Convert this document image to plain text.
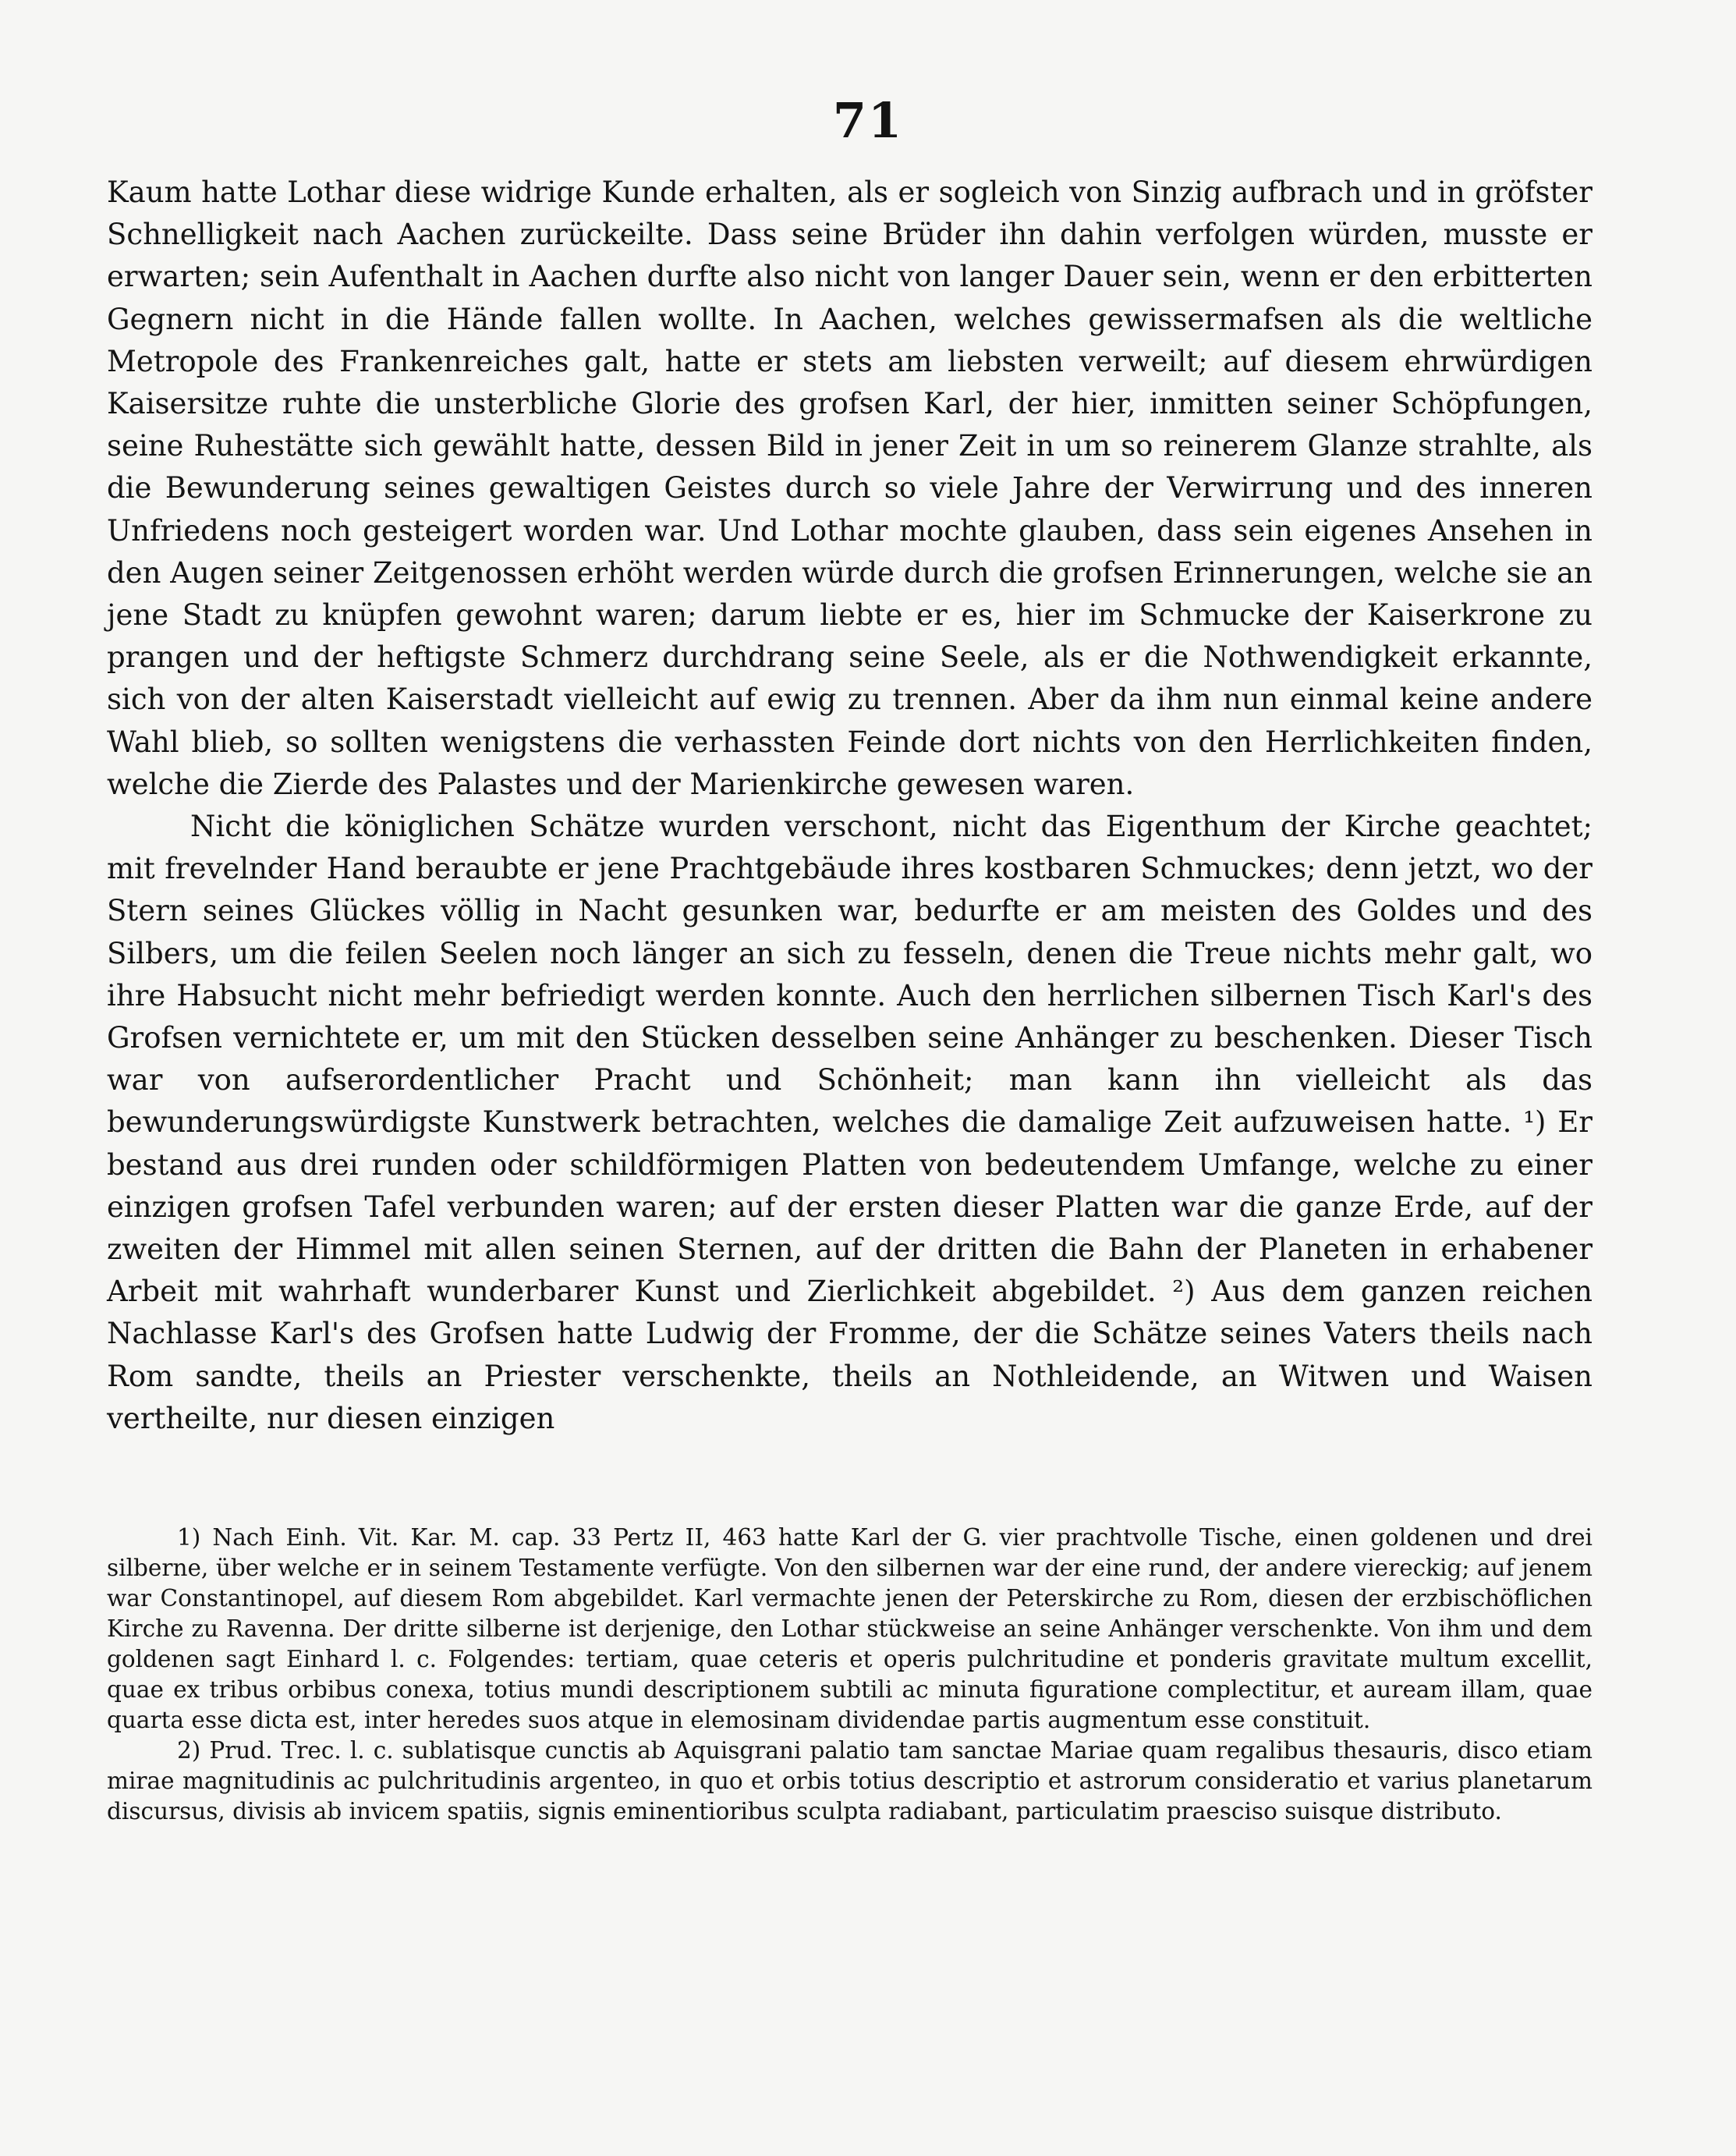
71

Kaum hatte Lothar diese widrige Kunde erhalten, als er sogleich von Sinzig aufbrach und in gröfster Schnelligkeit nach Aachen zurückeilte. Dass seine Brüder ihn dahin verfolgen würden, musste er erwarten; sein Aufenthalt in Aachen durfte also nicht von langer Dauer sein, wenn er den erbitterten Gegnern nicht in die Hände fallen wollte. In Aachen, welches gewissermafsen als die weltliche Metropole des Frankenreiches galt, hatte er stets am liebsten verweilt; auf diesem ehrwürdigen Kaisersitze ruhte die unsterbliche Glorie des grofsen Karl, der hier, inmitten seiner Schöpfungen, seine Ruhestätte sich gewählt hatte, dessen Bild in jener Zeit in um so reinerem Glanze strahlte, als die Bewunderung seines gewaltigen Geistes durch so viele Jahre der Verwirrung und des inneren Unfriedens noch gesteigert worden war. Und Lothar mochte glauben, dass sein eigenes Ansehen in den Augen seiner Zeitgenossen erhöht werden würde durch die grofsen Erinnerungen, welche sie an jene Stadt zu knüpfen gewohnt waren; darum liebte er es, hier im Schmucke der Kaiserkrone zu prangen und der heftigste Schmerz durchdrang seine Seele, als er die Nothwendigkeit erkannte, sich von der alten Kaiserstadt vielleicht auf ewig zu trennen. Aber da ihm nun einmal keine andere Wahl blieb, so sollten wenigstens die verhassten Feinde dort nichts von den Herrlichkeiten finden, welche die Zierde des Palastes und der Marienkirche gewesen waren.

Nicht die königlichen Schätze wurden verschont, nicht das Eigenthum der Kirche geachtet; mit frevelnder Hand beraubte er jene Prachtgebäude ihres kostbaren Schmuckes; denn jetzt, wo der Stern seines Glückes völlig in Nacht gesunken war, bedurfte er am meisten des Goldes und des Silbers, um die feilen Seelen noch länger an sich zu fesseln, denen die Treue nichts mehr galt, wo ihre Habsucht nicht mehr befriedigt werden konnte. Auch den herrlichen silbernen Tisch Karl's des Grofsen vernichtete er, um mit den Stücken desselben seine Anhänger zu beschenken. Dieser Tisch war von aufserordentlicher Pracht und Schönheit; man kann ihn vielleicht als das bewunderungswürdigste Kunstwerk betrachten, welches die damalige Zeit aufzuweisen hatte. ¹) Er bestand aus drei runden oder schildförmigen Platten von bedeutendem Umfange, welche zu einer einzigen grofsen Tafel verbunden waren; auf der ersten dieser Platten war die ganze Erde, auf der zweiten der Himmel mit allen seinen Sternen, auf der dritten die Bahn der Planeten in erhabener Arbeit mit wahrhaft wunderbarer Kunst und Zierlichkeit abgebildet. ²) Aus dem ganzen reichen Nachlasse Karl's des Grofsen hatte Ludwig der Fromme, der die Schätze seines Vaters theils nach Rom sandte, theils an Priester verschenkte, theils an Nothleidende, an Witwen und Waisen vertheilte, nur diesen einzigen

1) Nach Einh. Vit. Kar. M. cap. 33 Pertz II, 463 hatte Karl der G. vier prachtvolle Tische, einen goldenen und drei silberne, über welche er in seinem Testamente verfügte. Von den silbernen war der eine rund, der andere viereckig; auf jenem war Constantinopel, auf diesem Rom abgebildet. Karl vermachte jenen der Peterskirche zu Rom, diesen der erzbischöflichen Kirche zu Ravenna. Der dritte silberne ist derjenige, den Lothar stückweise an seine Anhänger verschenkte. Von ihm und dem goldenen sagt Einhard l. c. Folgendes: tertiam, quae ceteris et operis pulchritudine et ponderis gravitate multum excellit, quae ex tribus orbibus conexa, totius mundi descriptionem subtili ac minuta figuratione complectitur, et auream illam, quae quarta esse dicta est, inter heredes suos atque in elemosinam dividendae partis augmentum esse constituit.

2) Prud. Trec. l. c. sublatisque cunctis ab Aquisgrani palatio tam sanctae Mariae quam regalibus thesauris, disco etiam mirae magnitudinis ac pulchritudinis argenteo, in quo et orbis totius descriptio et astrorum consideratio et varius planetarum discursus, divisis ab invicem spatiis, signis eminentioribus sculpta radiabant, particulatim praesciso suisque distributo.
